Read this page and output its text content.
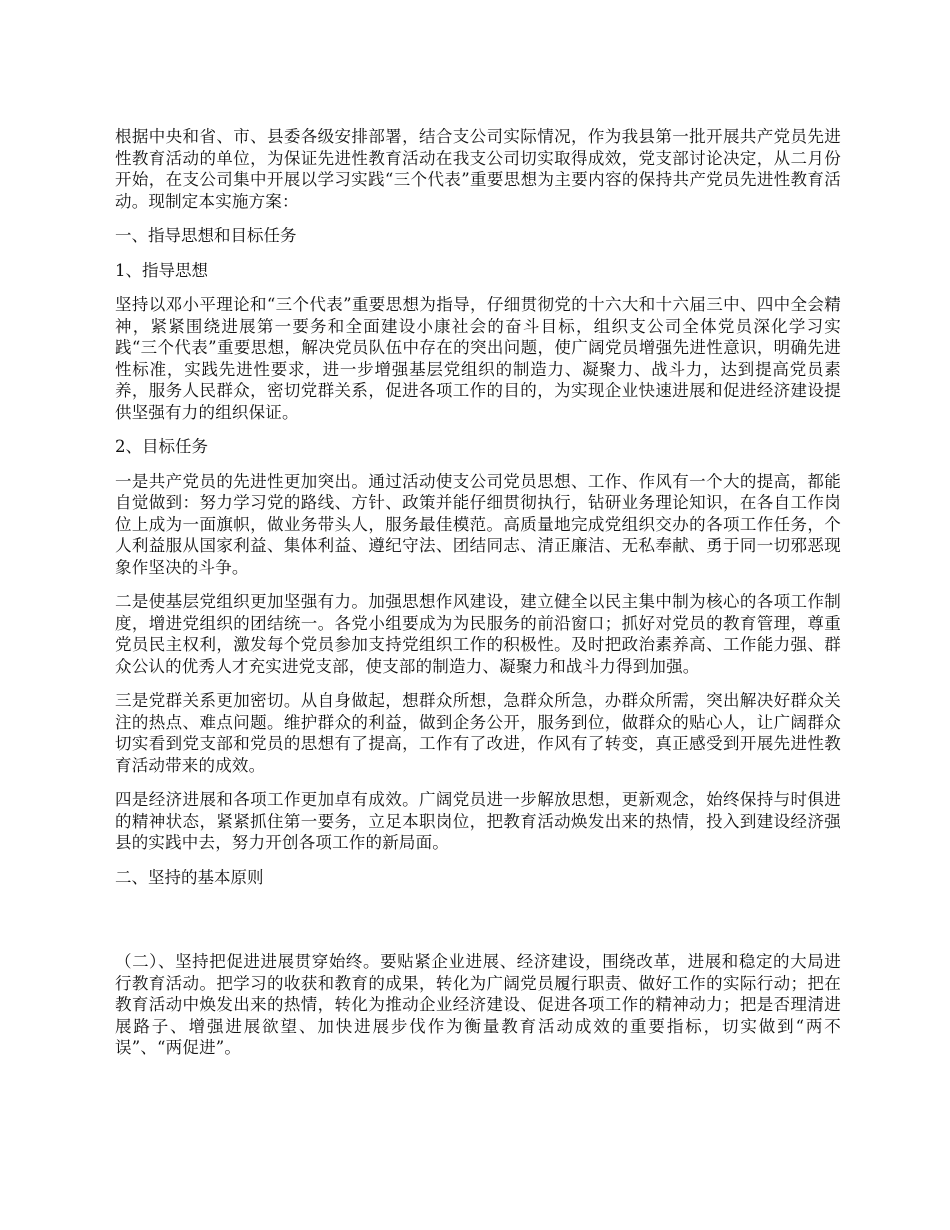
根据中央和省、市、县委各级安排部署，结合支公司实际情况，作为我县第一批开展共产党员先进性教育活动的单位，为保证先进性教育活动在我支公司切实取得成效，党支部讨论决定，从二月份开始，在支公司集中开展以学习实践“三个代表”重要思想为主要内容的保持共产党员先进性教育活动。现制定本实施方案：

一、指导思想和目标任务

1、指导思想

坚持以邓小平理论和“三个代表”重要思想为指导，仔细贯彻党的十六大和十六届三中、四中全会精神，紧紧围绕进展第一要务和全面建设小康社会的奋斗目标，组织支公司全体党员深化学习实践“三个代表”重要思想，解决党员队伍中存在的突出问题，使广阔党员增强先进性意识，明确先进性标准，实践先进性要求，进一步增强基层党组织的制造力、凝聚力、战斗力，达到提高党员素养，服务人民群众，密切党群关系，促进各项工作的目的，为实现企业快速进展和促进经济建设提供坚强有力的组织保证。

2、目标任务

一是共产党员的先进性更加突出。通过活动使支公司党员思想、工作、作风有一个大的提高，都能自觉做到：努力学习党的路线、方针、政策并能仔细贯彻执行，钻研业务理论知识，在各自工作岗位上成为一面旗帜，做业务带头人，服务最佳模范。高质量地完成党组织交办的各项工作任务，个人利益服从国家利益、集体利益、遵纪守法、团结同志、清正廉洁、无私奉献、勇于同一切邪恶现象作坚决的斗争。

二是使基层党组织更加坚强有力。加强思想作风建设，建立健全以民主集中制为核心的各项工作制度，增进党组织的团结统一。各党小组要成为为民服务的前沿窗口；抓好对党员的教育管理，尊重党员民主权利，激发每个党员参加支持党组织工作的积极性。及时把政治素养高、工作能力强、群众公认的优秀人才充实进党支部，使支部的制造力、凝聚力和战斗力得到加强。

三是党群关系更加密切。从自身做起，想群众所想，急群众所急，办群众所需，突出解决好群众关注的热点、难点问题。维护群众的利益，做到企务公开，服务到位，做群众的贴心人，让广阔群众切实看到党支部和党员的思想有了提高，工作有了改进，作风有了转变，真正感受到开展先进性教育活动带来的成效。

四是经济进展和各项工作更加卓有成效。广阔党员进一步解放思想，更新观念，始终保持与时俱进的精神状态，紧紧抓住第一要务，立足本职岗位，把教育活动焕发出来的热情，投入到建设经济强县的实践中去，努力开创各项工作的新局面。

二、坚持的基本原则

（二）、坚持把促进进展贯穿始终。要贴紧企业进展、经济建设，围绕改革，进展和稳定的大局进行教育活动。把学习的收获和教育的成果，转化为广阔党员履行职责、做好工作的实际行动；把在教育活动中焕发出来的热情，转化为推动企业经济建设、促进各项工作的精神动力；把是否理清进展路子、增强进展欲望、加快进展步伐作为衡量教育活动成效的重要指标，切实做到“两不误”、“两促进”。
